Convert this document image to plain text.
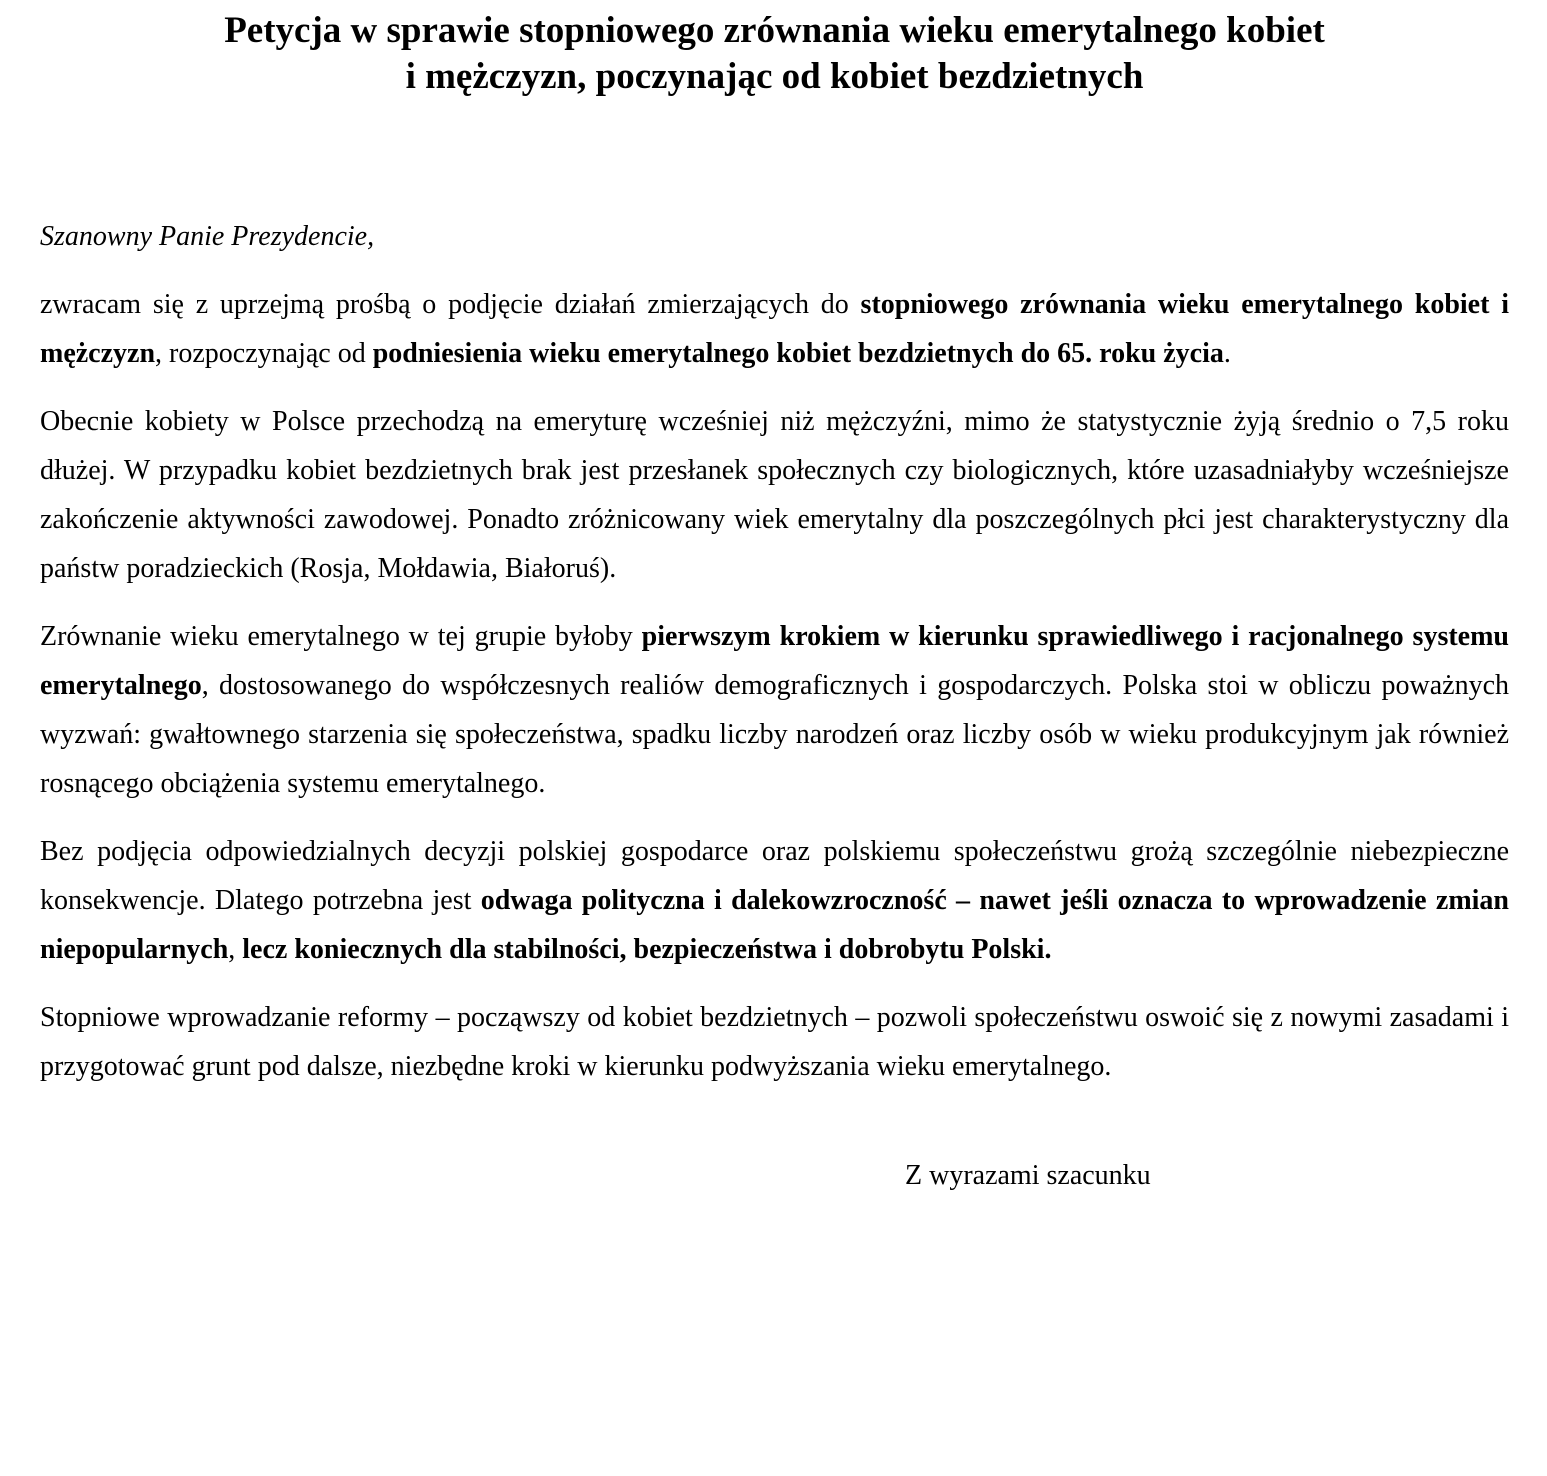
Petycja w sprawie stopniowego zrównania wieku emerytalnego kobiet
i mężczyzn, poczynając od kobiet bezdzietnych

Szanowny Panie Prezydencie,

zwracam się z uprzejmą prośbą o podjęcie działań zmierzających do stopniowego zrównania wieku emerytalnego kobiet i mężczyzn, rozpoczynając od podniesienia wieku emerytalnego kobiet bezdzietnych do 65. roku życia.

Obecnie kobiety w Polsce przechodzą na emeryturę wcześniej niż mężczyźni, mimo że statystycznie żyją średnio o 7,5 roku dłużej. W przypadku kobiet bezdzietnych brak jest przesłanek społecznych czy biologicznych, które uzasadniałyby wcześniejsze zakończenie aktywności zawodowej. Ponadto zróżnicowany wiek emerytalny dla poszczególnych płci jest charakterystyczny dla państw poradzieckich (Rosja, Mołdawia, Białoruś).

Zrównanie wieku emerytalnego w tej grupie byłoby pierwszym krokiem w kierunku sprawiedliwego i racjonalnego systemu emerytalnego, dostosowanego do współczesnych realiów demograficznych i gospodarczych. Polska stoi w obliczu poważnych wyzwań: gwałtownego starzenia się społeczeństwa, spadku liczby narodzeń oraz liczby osób w wieku produkcyjnym jak również rosnącego obciążenia systemu emerytalnego.

Bez podjęcia odpowiedzialnych decyzji polskiej gospodarce oraz polskiemu społeczeństwu grożą szczególnie niebezpieczne konsekwencje. Dlatego potrzebna jest odwaga polityczna i dalekowzroczność – nawet jeśli oznacza to wprowadzenie zmian niepopularnych, lecz koniecznych dla stabilności, bezpieczeństwa i dobrobytu Polski.

Stopniowe wprowadzanie reformy – począwszy od kobiet bezdzietnych – pozwoli społeczeństwu oswoić się z nowymi zasadami i przygotować grunt pod dalsze, niezbędne kroki w kierunku podwyższania wieku emerytalnego.

Z wyrazami szacunku
